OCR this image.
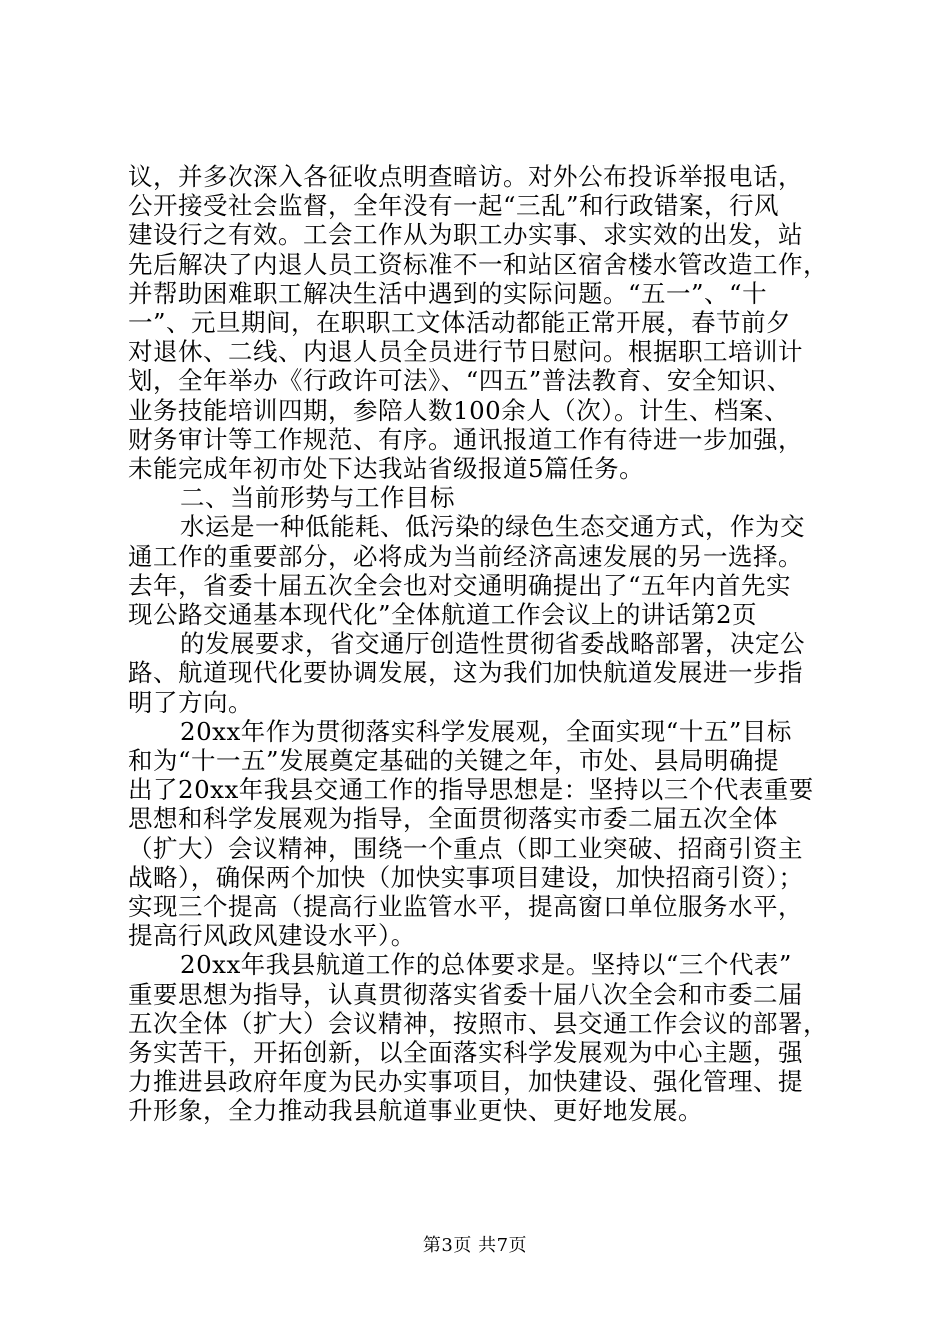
议，并多次深入各征收点明查暗访。对外公布投诉举报电话，
公开接受社会监督，全年没有一起“三乱”和行政错案，行风
建设行之有效。工会工作从为职工办实事、求实效的出发，站
先后解决了内退人员工资标准不一和站区宿舍楼水管改造工作，
并帮助困难职工解决生活中遇到的实际问题。“五一”、“十
一”、元旦期间，在职职工文体活动都能正常开展，春节前夕
对退休、二线、内退人员全员进行节日慰问。根据职工培训计
划，全年举办《行政许可法》、“四五”普法教育、安全知识、
业务技能培训四期，参陪人数100余人（次）。计生、档案、
财务审计等工作规范、有序。通讯报道工作有待进一步加强，
未能完成年初市处下达我站省级报道5篇任务。
二、当前形势与工作目标
水运是一种低能耗、低污染的绿色生态交通方式，作为交
通工作的重要部分，必将成为当前经济高速发展的另一选择。
去年，省委十届五次全会也对交通明确提出了“五年内首先实
现公路交通基本现代化”全体航道工作会议上的讲话第2页
的发展要求，省交通厅创造性贯彻省委战略部署，决定公
路、航道现代化要协调发展，这为我们加快航道发展进一步指
明了方向。
20xx年作为贯彻落实科学发展观，全面实现“十五”目标
和为“十一五”发展奠定基础的关键之年，市处、县局明确提
出了20xx年我县交通工作的指导思想是：坚持以三个代表重要
思想和科学发展观为指导，全面贯彻落实市委二届五次全体
（扩大）会议精神，围绕一个重点（即工业突破、招商引资主
战略），确保两个加快（加快实事项目建设，加快招商引资）；
实现三个提高（提高行业监管水平，提高窗口单位服务水平，
提高行风政风建设水平）。
20xx年我县航道工作的总体要求是。坚持以“三个代表”
重要思想为指导，认真贯彻落实省委十届八次全会和市委二届
五次全体（扩大）会议精神，按照市、县交通工作会议的部署，
务实苦干，开拓创新，以全面落实科学发展观为中心主题，强
第3页 共7页
力推进县政府年度为民办实事项目，加快建设、强化管理、提
升形象，全力推动我县航道事业更快、更好地发展。
